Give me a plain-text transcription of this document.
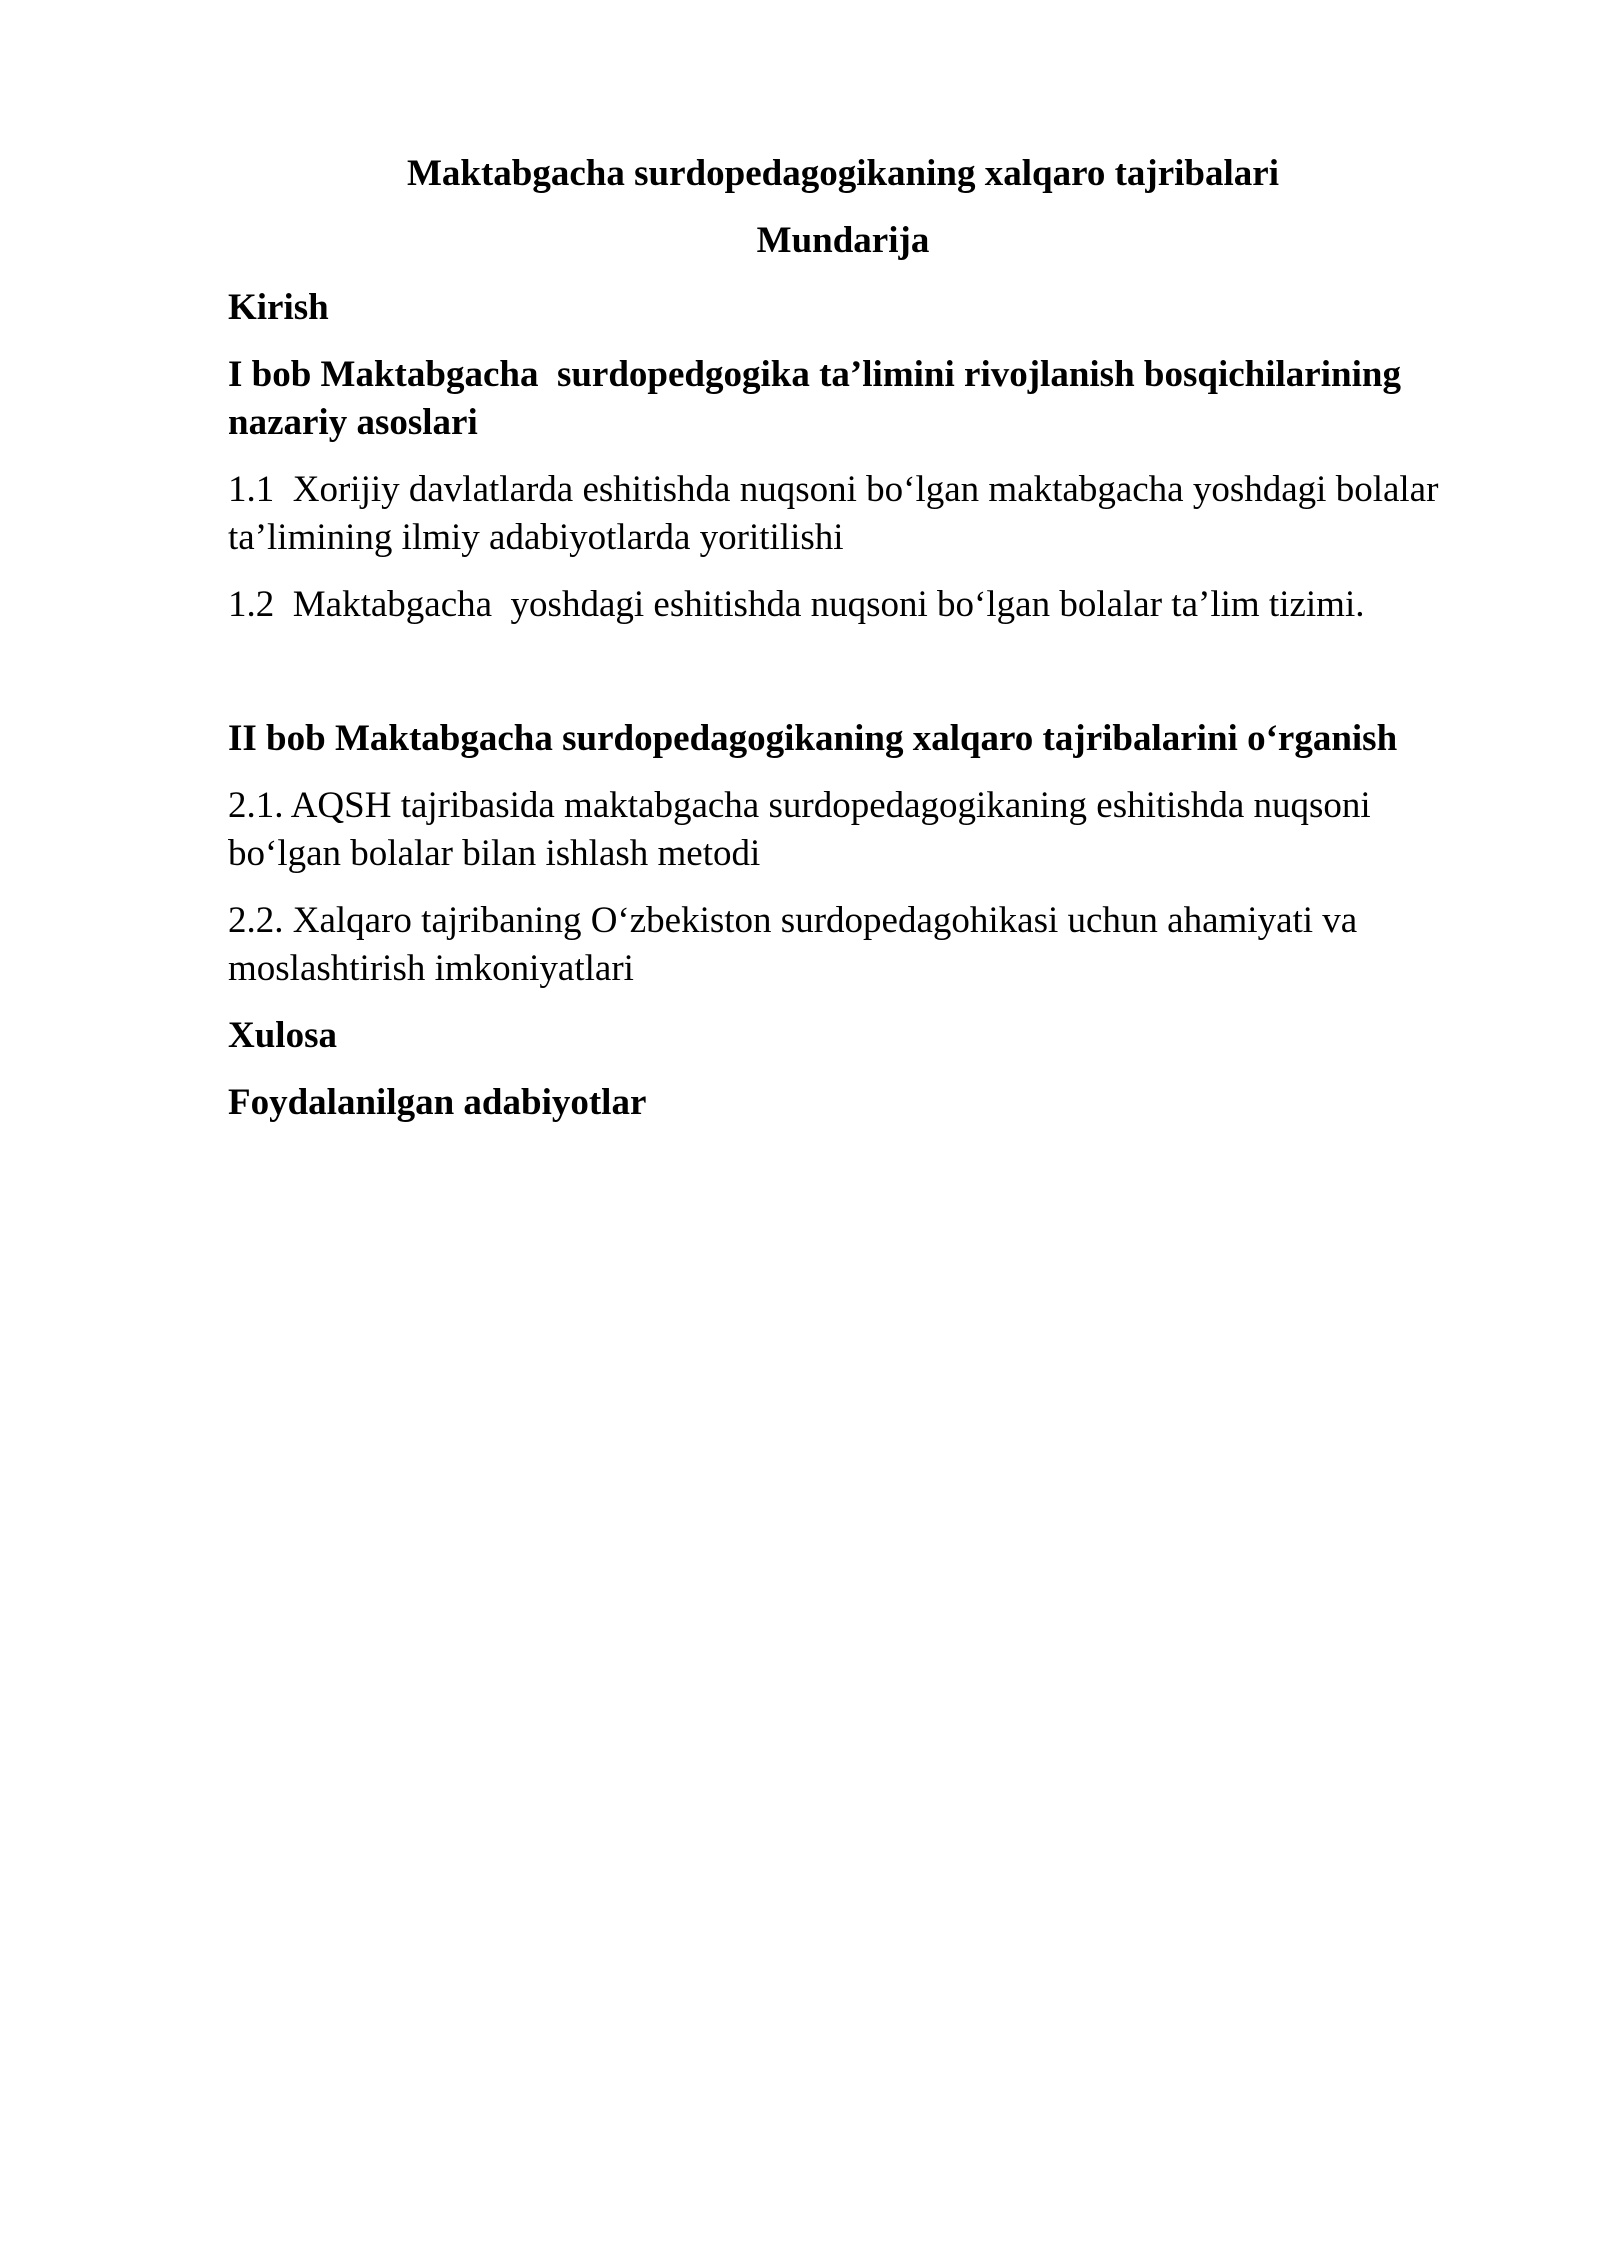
Maktabgacha surdopedagogikaning xalqaro tajribalari

Mundarija

Kirish

I bob Maktabgacha  surdopedgogika ta’limini rivojlanish bosqichilarining nazariy asoslari

1.1  Xorijiy davlatlarda eshitishda nuqsoni bo‘lgan maktabgacha yoshdagi bolalar ta’limining ilmiy adabiyotlarda yoritilishi

1.2  Maktabgacha  yoshdagi eshitishda nuqsoni bo‘lgan bolalar ta’lim tizimi.

II bob Maktabgacha surdopedagogikaning xalqaro tajribalarini o‘rganish

2.1. AQSH tajribasida maktabgacha surdopedagogikaning eshitishda nuqsoni bo‘lgan bolalar bilan ishlash metodi

2.2. Xalqaro tajribaning O‘zbekiston surdopedagohikasi uchun ahamiyati va moslashtirish imkoniyatlari

Xulosa

Foydalanilgan adabiyotlar
